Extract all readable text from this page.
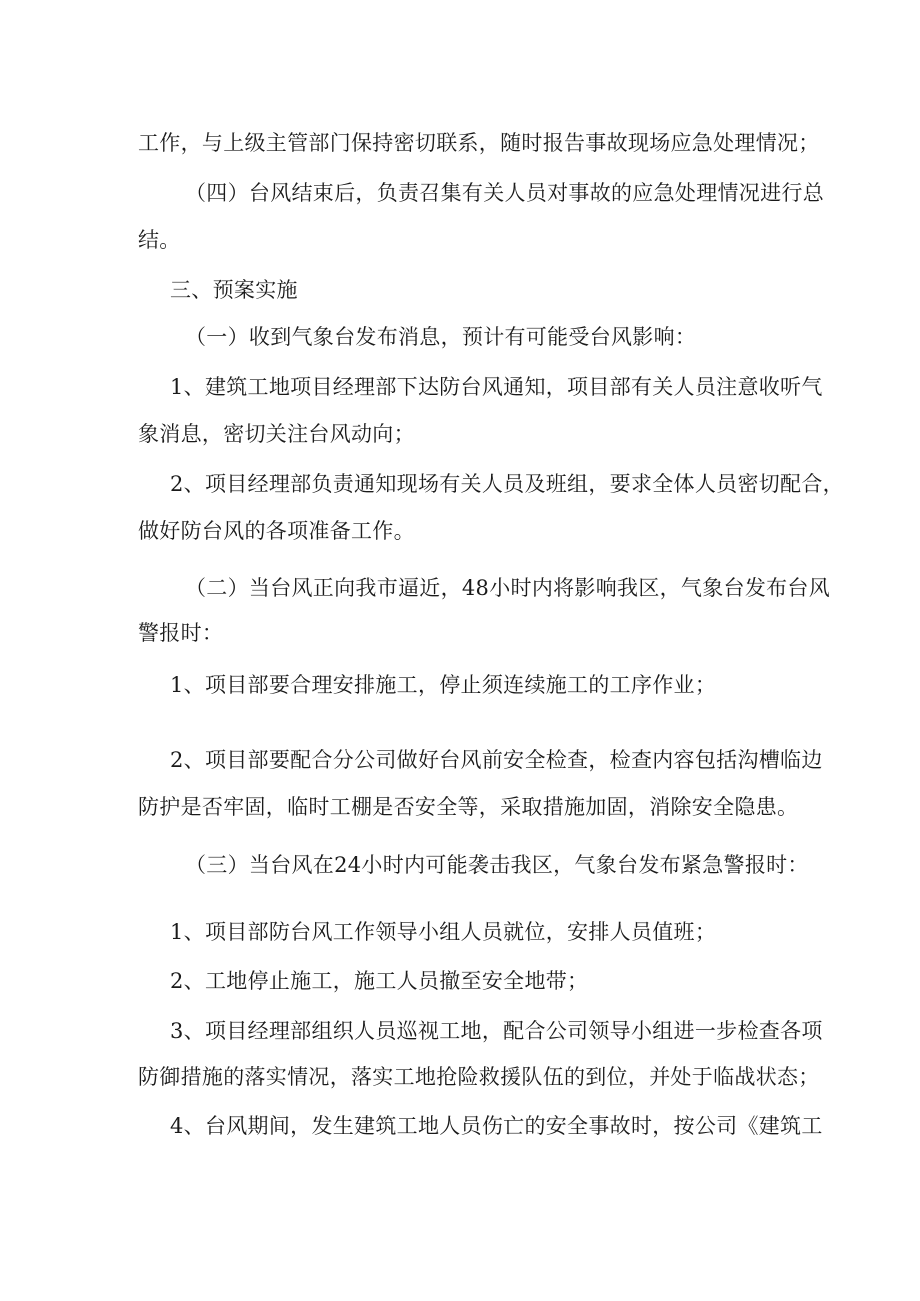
工作，与上级主管部门保持密切联系，随时报告事故现场应急处理情况；
（四）台风结束后，负责召集有关人员对事故的应急处理情况进行总
结。
三、预案实施
（一）收到气象台发布消息，预计有可能受台风影响：
1、建筑工地项目经理部下达防台风通知，项目部有关人员注意收听气
象消息，密切关注台风动向；
2、项目经理部负责通知现场有关人员及班组，要求全体人员密切配合，
做好防台风的各项准备工作。
（二）当台风正向我市逼近，48小时内将影响我区，气象台发布台风
警报时：
1、项目部要合理安排施工，停止须连续施工的工序作业；
2、项目部要配合分公司做好台风前安全检查，检查内容包括沟槽临边
防护是否牢固，临时工棚是否安全等，采取措施加固，消除安全隐患。
（三）当台风在24小时内可能袭击我区，气象台发布紧急警报时：
1、项目部防台风工作领导小组人员就位，安排人员值班；
2、工地停止施工，施工人员撤至安全地带；
3、项目经理部组织人员巡视工地，配合公司领导小组进一步检查各项
防御措施的落实情况，落实工地抢险救援队伍的到位，并处于临战状态；
4、台风期间，发生建筑工地人员伤亡的安全事故时，按公司《建筑工
